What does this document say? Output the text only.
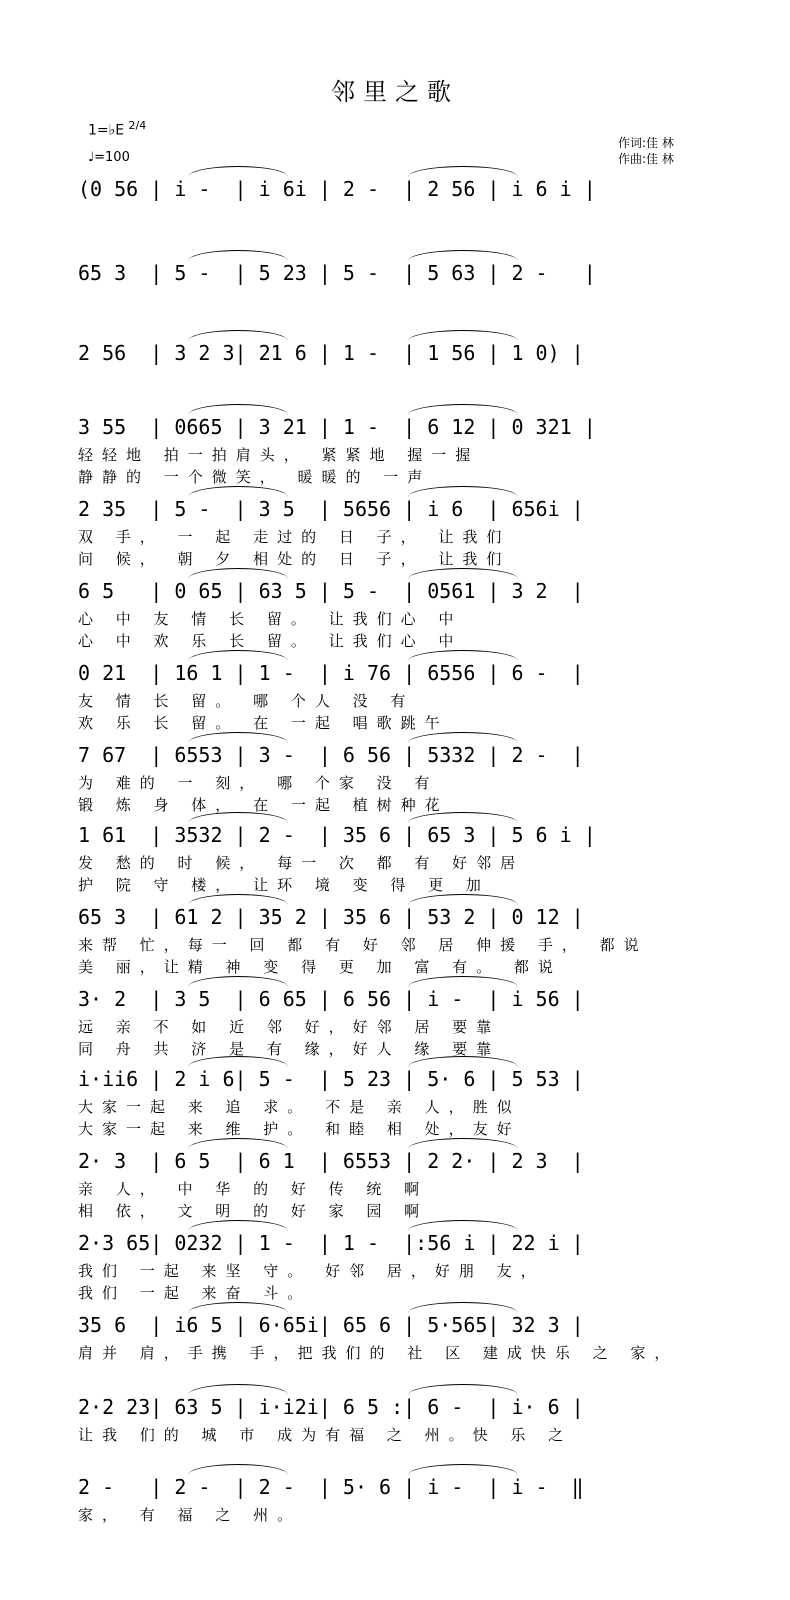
邻里之歌
1=♭E $^{2/4}$
♩=100
作词:佳 林
作曲:佳 林
(0 56 | i -  | i 6i | 2 -  | 2 56 | i 6 i |
65 3  | 5 -  | 5 23 | 5 -  | 5 63 | 2 -   |
2 56  | 3 2 3| 21 6 | 1 -  | 1 56 | 1 0) |
3 55  | 0665 | 3 21 | 1 -  | 6 12 | 0 321 |
轻轻地 拍一拍肩头， 紧紧地 握一握
静静的 一个微笑， 暖暖的 一声
2 35  | 5 -  | 3 5  | 5656 | i 6  | 656i |
双 手， 一 起 走过的 日 子， 让我们
问 候， 朝 夕 相处的 日 子， 让我们
6 5   | 0 65 | 63 5 | 5 -  | 0561 | 3 2  |
心 中 友 情 长 留。 让我们心 中
心 中 欢 乐 长 留。 让我们心 中
0 21  | 16 1 | 1 -  | i 76 | 6556 | 6 -  |
友 情 长 留。 哪 个人 没 有
欢 乐 长 留。 在 一起 唱歌跳午
7 67  | 6553 | 3 -  | 6 56 | 5332 | 2 -  |
为 难的 一 刻， 哪 个家 没 有
锻 炼 身 体， 在 一起 植树种花
1 61  | 3532 | 2 -  | 35 6 | 65 3 | 5 6 i |
发 愁的 时 候， 每一 次 都 有 好邻居
护 院 守 楼， 让环 境 变 得 更 加
65 3  | 61 2 | 35 2 | 35 6 | 53 2 | 0 12 |
来帮 忙，每一 回 都 有 好 邻 居 伸援 手， 都说
美 丽，让精 神 变 得 更 加 富 有。 都说
3· 2  | 3 5  | 6 65 | 6 56 | i -  | i 56 |
远 亲 不 如 近 邻 好，好邻 居 要靠
同 舟 共 济 是 有 缘，好人 缘 要靠
i·ii6 | 2 i 6| 5 -  | 5 23 | 5· 6 | 5 53 |
大家一起 来 追 求。 不是 亲 人，胜似
大家一起 来 维 护。 和睦 相 处，友好
2· 3  | 6 5  | 6 1  | 6553 | 2 2· | 2 3  |
亲 人， 中 华 的 好 传 统 啊
相 依， 文 明 的 好 家 园 啊
2·3 65| 0232 | 1 -  | 1 -  |:56 i | 22 i |
我们 一起 来坚 守。 好邻 居，好朋 友，
我们 一起 来奋 斗。
35 6  | i6 5 | 6·65i| 65 6 | 5·565| 32 3 |
肩并 肩，手携 手，把我们的 社 区 建成快乐 之 家，
2·2 23| 63 5 | i·i2i| 6 5 :| 6 -  | i· 6 |
让我 们的 城 市 成为有福 之 州。快 乐 之
2 -   | 2 -  | 2 -  | 5· 6 | i -  | i -  ‖
家， 有 福 之 州。
